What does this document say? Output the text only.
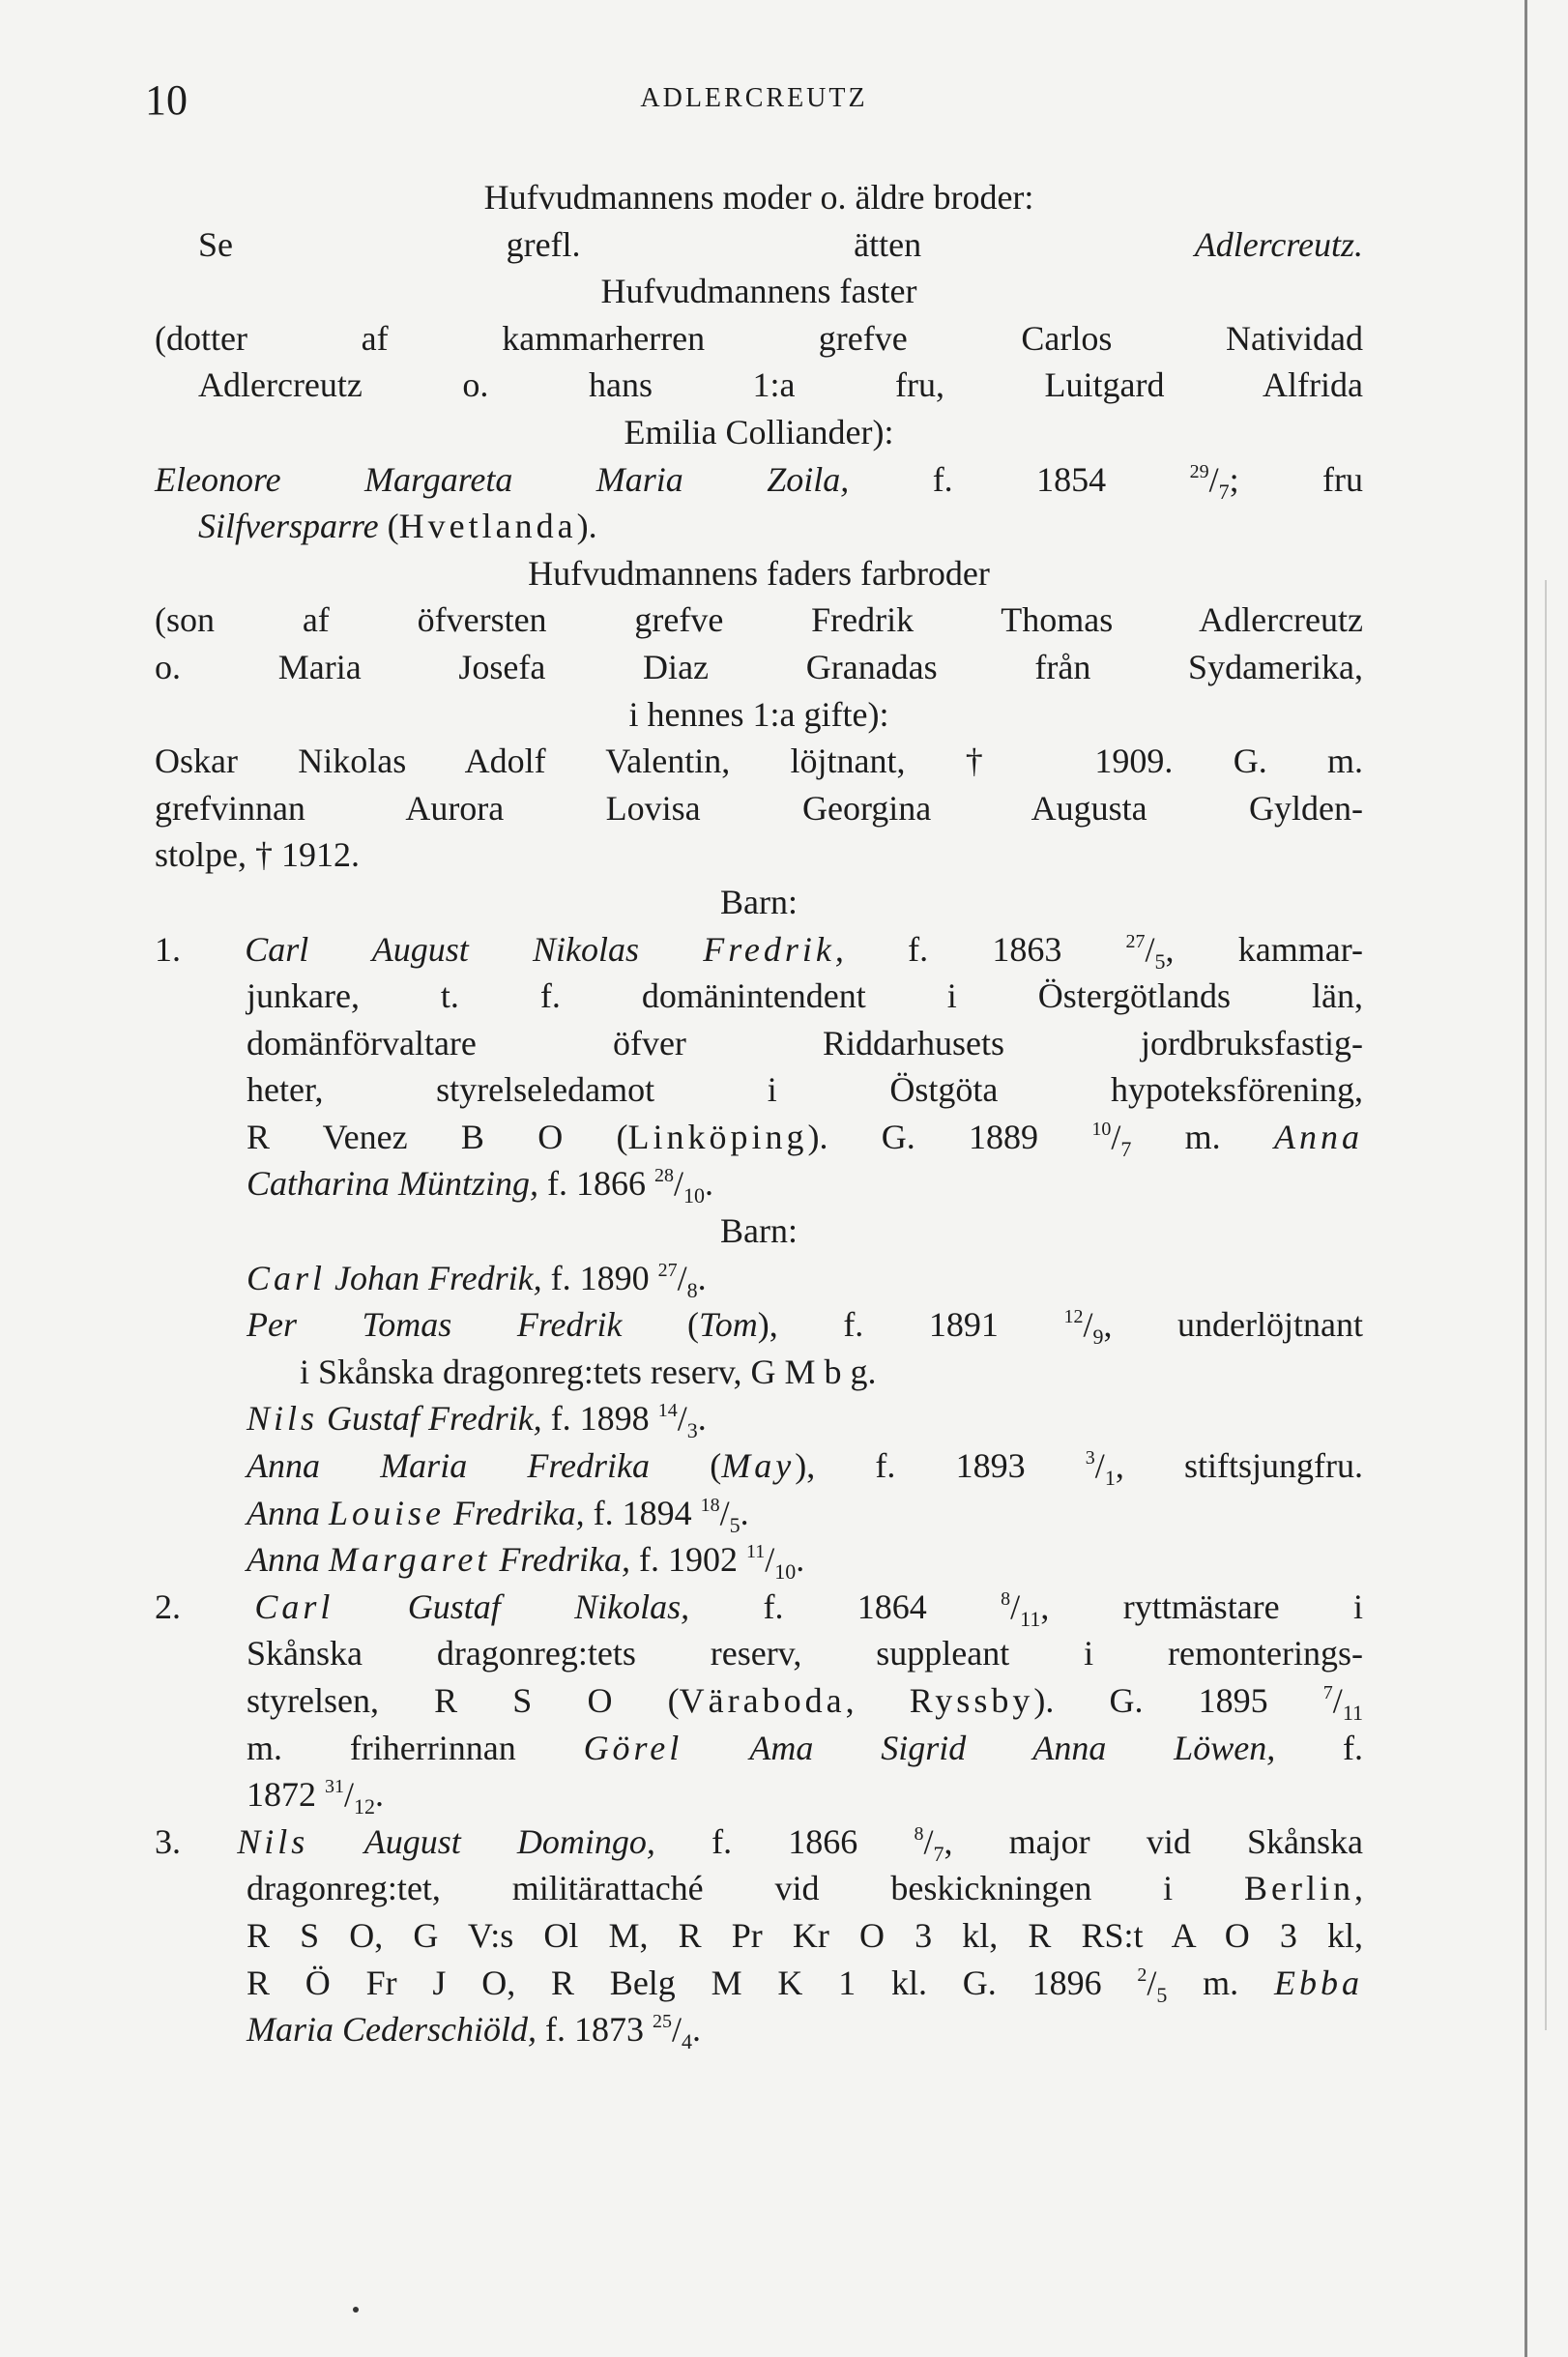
10	ADLERCREUTZ
Hufvudmannens moder o. äldre broder:
Se grefl. ätten Adlercreutz.
Hufvudmannens faster
(dotter af kammarherren grefve Carlos Natividad
Adlercreutz o. hans 1:a fru, Luitgard Alfrida
Emilia Colliander):
Eleonore Margareta Maria Zoila, f. 1854 $^{29}/_7$; fru
Silfversparre (Hvetlanda).
Hufvudmannens faders farbroder
(son af öfversten grefve Fredrik Thomas Adlercreutz
o. Maria Josefa Diaz Granadas från Sydamerika,
i hennes 1:a gifte):
Oskar Nikolas Adolf Valentin, löjtnant, † 1909. G. m.
grefvinnan Aurora Lovisa Georgina Augusta Gylden-
stolpe, † 1912.
Barn:
1. Carl August Nikolas Fredrik, f. 1863 $^{27}/_5$, kammar-
junkare, t. f. domänintendent i Östergötlands län,
domänförvaltare öfver Riddarhusets jordbruksfastig-
heter, styrelseledamot i Östgöta hypoteksförening,
R Venez B O (Linköping). G. 1889 $^{10}/_7$ m. Anna
Catharina Müntzing, f. 1866 $^{28}/_{10}$.
Barn:
Carl Johan Fredrik, f. 1890 $^{27}/_8$.
Per Tomas Fredrik (Tom), f. 1891 $^{12}/_9$, underlöjtnant
i Skånska dragonreg:tets reserv, G M b g.
Nils Gustaf Fredrik, f. 1898 $^{14}/_3$.
Anna Maria Fredrika (May), f. 1893 $^3/_1$, stiftsjungfru.
Anna Louise Fredrika, f. 1894 $^{18}/_5$.
Anna Margaret Fredrika, f. 1902 $^{11}/_{10}$.
2. Carl Gustaf Nikolas, f. 1864 $^8/_{11}$, ryttmästare i
Skånska dragonreg:tets reserv, suppleant i remonterings-
styrelsen, R S O (Väraboda, Ryssby). G. 1895 $^7/_{11}$
m. friherrinnan Görel Ama Sigrid Anna Löwen, f.
1872 $^{31}/_{12}$.
3. Nils August Domingo, f. 1866 $^8/_7$, major vid Skånska
dragonreg:tet, militärattaché vid beskickningen i Berlin,
R S O, G V:s Ol M, R Pr Kr O 3 kl, R RS:t A O 3 kl,
R Ö Fr J O, R Belg M K 1 kl. G. 1896 $^2/_5$ m. Ebba
Maria Cederschiöld, f. 1873 $^{25}/_4$.
